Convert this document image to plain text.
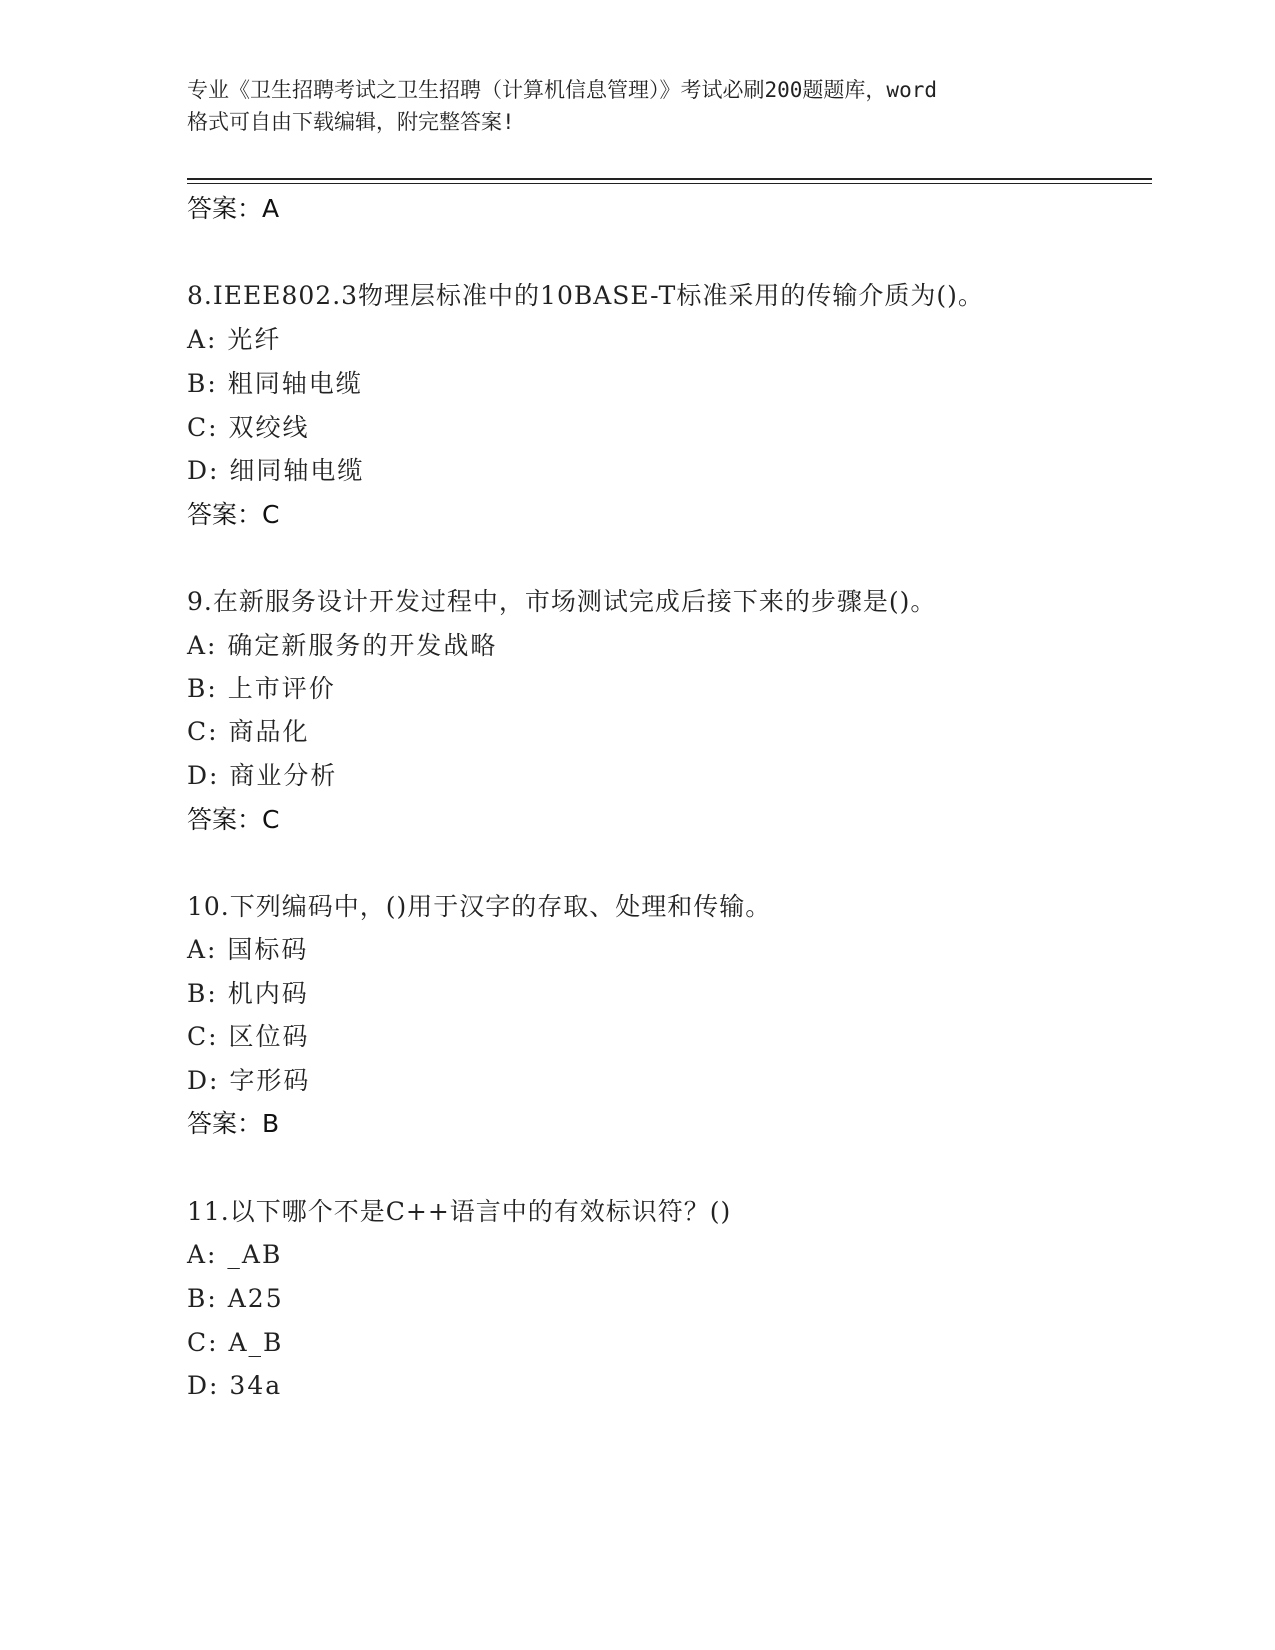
专业《卫生招聘考试之卫生招聘（计算机信息管理）》考试必刷200题题库，word
格式可自由下载编辑，附完整答案!
答案：A
8.IEEE802.3物理层标准中的10BASE-T标准采用的传输介质为()。
A: 光纤
B: 粗同轴电缆
C: 双绞线
D: 细同轴电缆
答案：C
9.在新服务设计开发过程中，市场测试完成后接下来的步骤是()。
A: 确定新服务的开发战略
B: 上市评价
C: 商品化
D: 商业分析
答案：C
10.下列编码中，()用于汉字的存取、处理和传输。
A: 国标码
B: 机内码
C: 区位码
D: 字形码
答案：B
11.以下哪个不是C++语言中的有效标识符？()
A: _AB
B: A25
C: A_B
D: 34a
